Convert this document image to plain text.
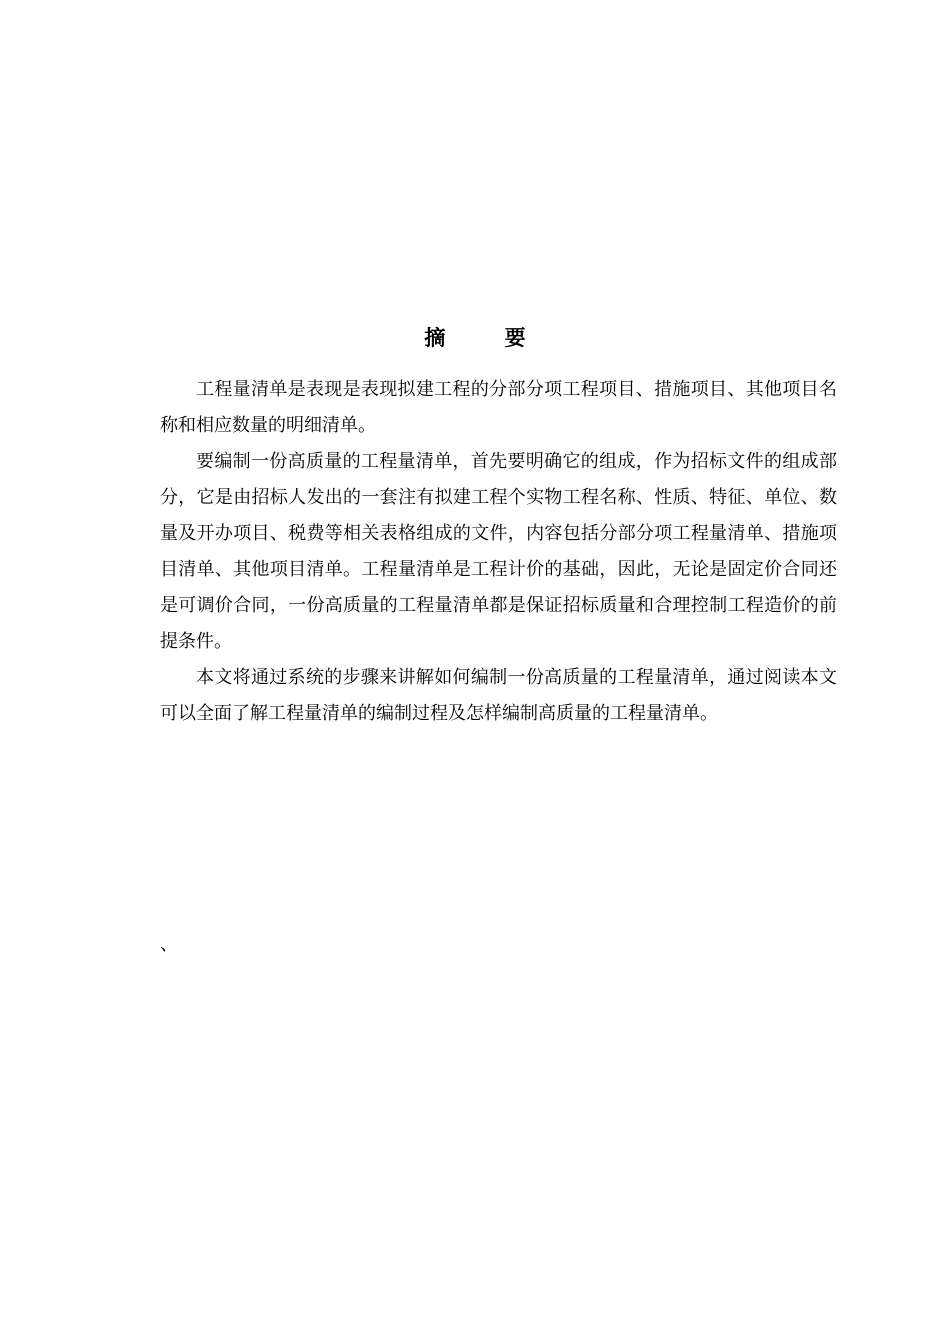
摘 要

工程量清单是表现是表现拟建工程的分部分项工程项目、措施项目、其他项目名称和相应数量的明细清单。

要编制一份高质量的工程量清单，首先要明确它的组成，作为招标文件的组成部分，它是由招标人发出的一套注有拟建工程个实物工程名称、性质、特征、单位、数量及开办项目、税费等相关表格组成的文件，内容包括分部分项工程量清单、措施项目清单、其他项目清单。工程量清单是工程计价的基础，因此，无论是固定价合同还是可调价合同，一份高质量的工程量清单都是保证招标质量和合理控制工程造价的前提条件。

本文将通过系统的步骤来讲解如何编制一份高质量的工程量清单，通过阅读本文可以全面了解工程量清单的编制过程及怎样编制高质量的工程量清单。

、
